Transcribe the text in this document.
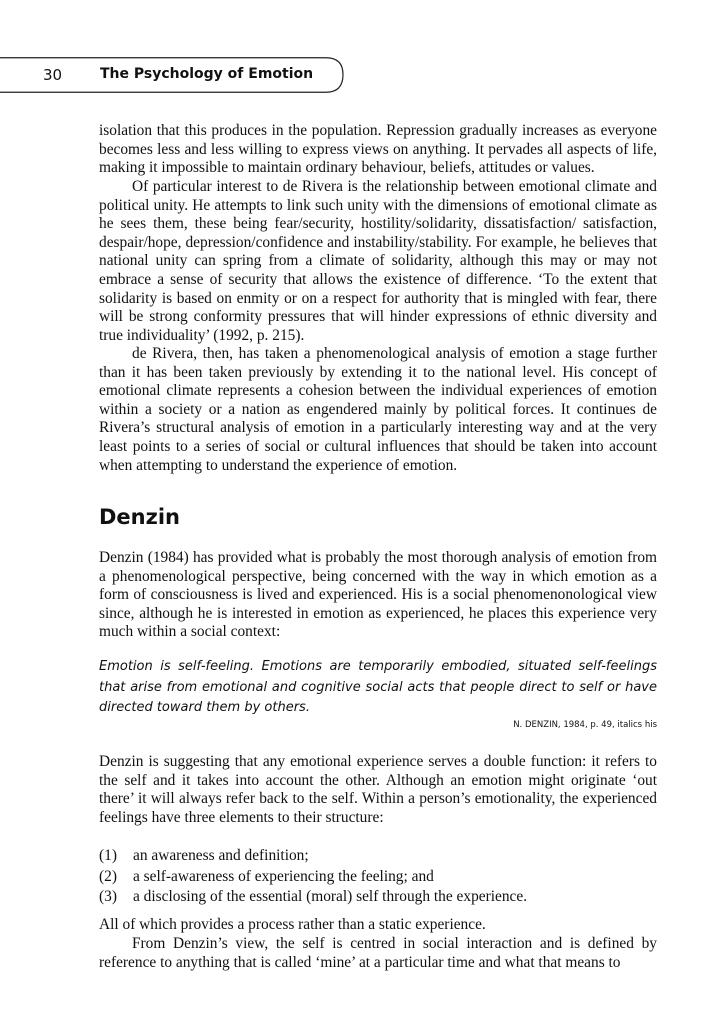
30	The Psychology of Emotion

isolation that this produces in the population. Repression gradually increases as everyone becomes less and less willing to express views on anything. It pervades all aspects of life, making it impossible to maintain ordinary behaviour, beliefs, attitudes or values.

Of particular interest to de Rivera is the relationship between emotional climate and political unity. He attempts to link such unity with the dimensions of emotional climate as he sees them, these being fear/security, hostility/solidarity, dissatisfaction/ satisfaction, despair/hope, depression/confidence and instability/stability. For example, he believes that national unity can spring from a climate of solidarity, although this may or may not embrace a sense of security that allows the existence of difference. ‘To the extent that solidarity is based on enmity or on a respect for authority that is mingled with fear, there will be strong conformity pressures that will hinder expressions of ethnic diversity and true individuality’ (1992, p. 215).

de Rivera, then, has taken a phenomenological analysis of emotion a stage further than it has been taken previously by extending it to the national level. His concept of emotional climate represents a cohesion between the individual experiences of emotion within a society or a nation as engendered mainly by political forces. It continues de Rivera’s structural analysis of emotion in a particularly interesting way and at the very least points to a series of social or cultural influences that should be taken into account when attempting to understand the experience of emotion.

Denzin

Denzin (1984) has provided what is probably the most thorough analysis of emotion from a phenomenological perspective, being concerned with the way in which emotion as a form of consciousness is lived and experienced. His is a social phenomenonological view since, although he is interested in emotion as experienced, he places this experience very much within a social context:

Emotion is self-feeling. Emotions are temporarily embodied, situated self-feelings that arise from emotional and cognitive social acts that people direct to self or have directed toward them by others.

N. DENZIN, 1984, p. 49, italics his

Denzin is suggesting that any emotional experience serves a double function: it refers to the self and it takes into account the other. Although an emotion might originate ‘out there’ it will always refer back to the self. Within a person’s emotionality, the experienced feelings have three elements to their structure:

(1) an awareness and definition;
(2) a self-awareness of experiencing the feeling; and
(3) a disclosing of the essential (moral) self through the experience.

All of which provides a process rather than a static experience.

From Denzin’s view, the self is centred in social interaction and is defined by reference to anything that is called ‘mine’ at a particular time and what that means to
